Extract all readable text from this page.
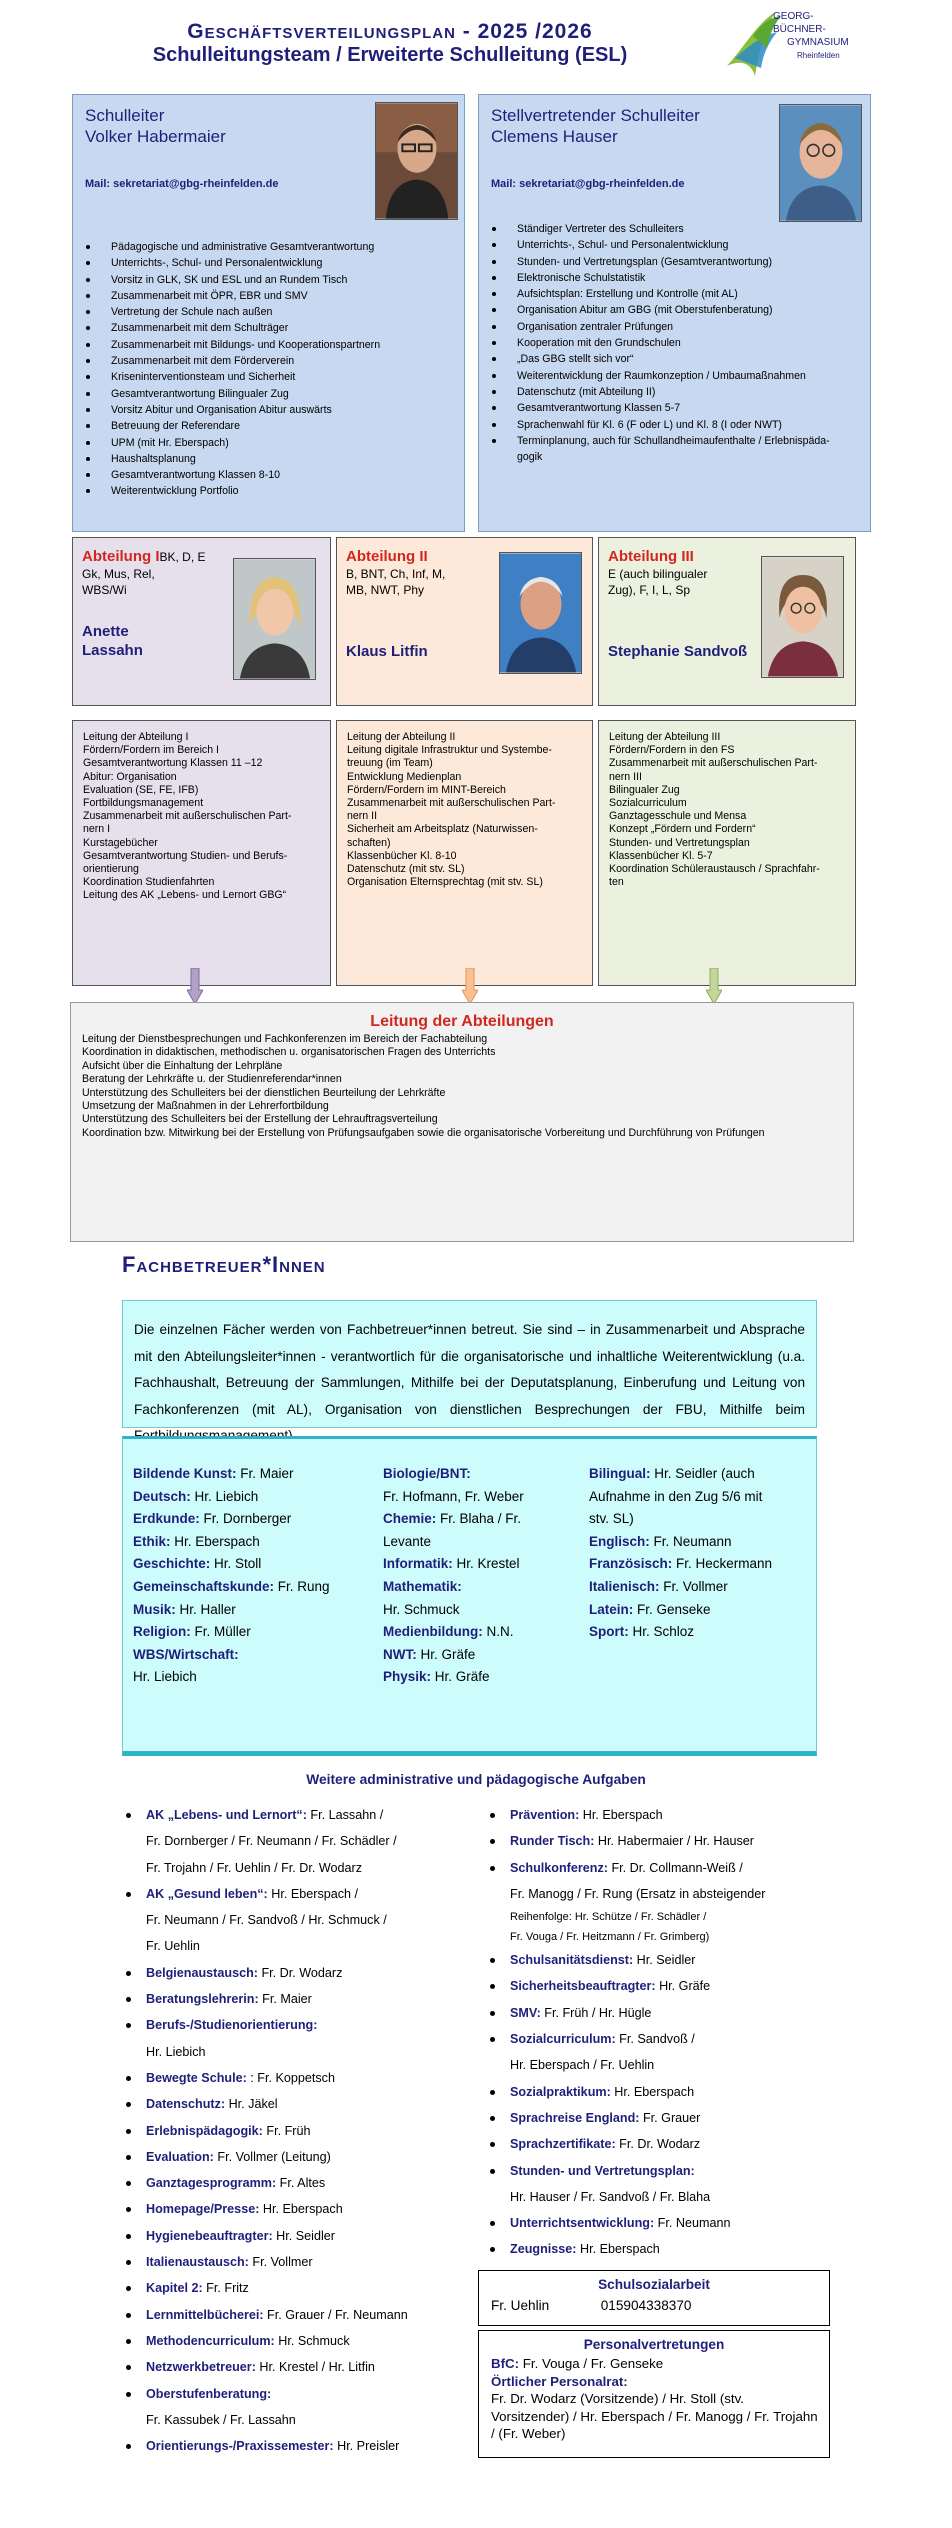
Geschäftsverteilungsplan - 2025 /2026
Schulleitungsteam / Erweiterte Schulleitung (ESL)
GEORG-BÜCHNER-
GYMNASIUM
Rheinfelden
Schulleiter
Volker Habermaier
Mail: sekretariat@gbg-rheinfelden.de
Pädagogische und administrative Gesamtverantwortung
Unterrichts-, Schul- und Personalentwicklung
Vorsitz in GLK, SK und ESL und an Rundem Tisch
Zusammenarbeit mit ÖPR, EBR und SMV
Vertretung der Schule nach außen
Zusammenarbeit mit dem Schulträger
Zusammenarbeit mit Bildungs- und Kooperationspartnern
Zusammenarbeit mit dem Förderverein
Kriseninterventionsteam und Sicherheit
Gesamtverantwortung Bilingualer Zug
Vorsitz Abitur und Organisation Abitur auswärts
Betreuung der Referendare
UPM (mit Hr. Eberspach)
Haushaltsplanung
Gesamtverantwortung Klassen 8-10
Weiterentwicklung Portfolio
Stellvertretender Schulleiter
Clemens Hauser
Mail: sekretariat@gbg-rheinfelden.de
Ständiger Vertreter des Schulleiters
Unterrichts-, Schul- und Personalentwicklung
Stunden- und Vertretungsplan (Gesamtverantwortung)
Elektronische Schulstatistik
Aufsichtsplan: Erstellung und Kontrolle (mit AL)
Organisation Abitur am GBG (mit Oberstufenberatung)
Organisation zentraler Prüfungen
Kooperation mit den Grundschulen
„Das GBG stellt sich vor“
Weiterentwicklung der Raumkonzeption / Umbaumaßnahmen
Datenschutz (mit Abteilung II)
Gesamtverantwortung Klassen 5-7
Sprachenwahl für Kl. 6 (F oder L) und Kl. 8 (I oder NWT)
Terminplanung, auch für Schullandheimaufenthalte / Erlebnispäda-
gogik
Abteilung IBK, D, E
Gk, Mus, Rel,
WBS/Wi
Anette
Lassahn
Abteilung II
B, BNT, Ch, Inf, M,
MB, NWT, Phy
Klaus Litfin
Abteilung III
E (auch bilingualer
Zug), F, I, L, Sp
Stephanie Sandvoß
Leitung der Abteilung I
Fördern/Fordern im Bereich I
Gesamtverantwortung Klassen 11 –12
Abitur: Organisation
Evaluation (SE, FE, IFB)
Fortbildungsmanagement
Zusammenarbeit mit außerschulischen Part-
nern I
Kurstagebücher
Gesamtverantwortung Studien- und Berufs-
orientierung
Koordination Studienfahrten
Leitung des AK „Lebens- und Lernort GBG“
Leitung der Abteilung II
Leitung digitale Infrastruktur und Systembe-
treuung (im Team)
Entwicklung Medienplan
Fördern/Fordern im MINT-Bereich
Zusammenarbeit mit außerschulischen Part-
nern II
Sicherheit am Arbeitsplatz (Naturwissen-
schaften)
Klassenbücher Kl. 8-10
Datenschutz (mit stv. SL)
Organisation Elternsprechtag (mit stv. SL)
Leitung der Abteilung III
Fördern/Fordern in den FS
Zusammenarbeit mit außerschulischen Part-
nern III
Bilingualer Zug
Sozialcurriculum
Ganztagesschule und Mensa
Konzept „Fördern und Fordern“
Stunden- und Vertretungsplan
Klassenbücher Kl. 5-7
Koordination Schüleraustausch / Sprachfahr-
ten
Leitung der Abteilungen
Leitung der Dienstbesprechungen und Fachkonferenzen im Bereich der Fachabteilung
Koordination in didaktischen, methodischen u. organisatorischen Fragen des Unterrichts
Aufsicht über die Einhaltung der Lehrpläne
Beratung der Lehrkräfte u. der Studienreferendar*innen
Unterstützung des Schulleiters bei der dienstlichen Beurteilung der Lehrkräfte
Umsetzung der Maßnahmen in der Lehrerfortbildung
Unterstützung des Schulleiters bei der Erstellung der Lehrauftragsverteilung
Koordination bzw. Mitwirkung bei der Erstellung von Prüfungsaufgaben sowie die organisatorische Vorbereitung und Durchführung von Prüfungen
Fachbetreuer*Innen
Die einzelnen Fächer werden von Fachbetreuer*innen betreut. Sie sind – in Zusammenarbeit und Absprache mit den Abteilungsleiter*innen - verantwortlich für die organisatorische und inhaltliche Weiterentwicklung (u.a. Fachhaushalt, Betreuung der Sammlungen, Mithilfe bei der Deputatsplanung, Einberufung und Leitung von Fachkonferenzen (mit AL), Organisation von dienstlichen Besprechungen der FBU, Mithilfe beim
Bildende Kunst: Fr. Maier
Deutsch: Hr. Liebich
Erdkunde: Fr. Dornberger
Ethik: Hr. Eberspach
Geschichte: Hr. Stoll
Gemeinschaftskunde: Fr. Rung
Musik: Hr. Haller
Religion: Fr. Müller
WBS/Wirtschaft:
Hr. Liebich
Biologie/BNT:
Fr. Hofmann, Fr. Weber
Chemie: Fr. Blaha / Fr.
Levante
Informatik: Hr. Krestel
Mathematik:
Hr. Schmuck
Medienbildung: N.N.
NWT: Hr. Gräfe
Physik: Hr. Gräfe
Bilingual: Hr. Seidler (auch
Aufnahme in den Zug 5/6 mit
stv. SL)
Englisch: Fr. Neumann
Französisch: Fr. Heckermann
Italienisch: Fr. Vollmer
Latein: Fr. Genseke
Sport: Hr. Schloz
Weitere administrative und pädagogische Aufgaben
AK „Lebens- und Lernort“: Fr. Lassahn /
Fr. Dornberger / Fr. Neumann / Fr. Schädler /
Fr. Trojahn / Fr. Uehlin / Fr. Dr. Wodarz
AK „Gesund leben“: Hr. Eberspach /
Fr. Neumann / Fr. Sandvoß / Hr. Schmuck /
Fr. Uehlin
Belgienaustausch: Fr. Dr. Wodarz
Beratungslehrerin: Fr. Maier
Berufs-/Studienorientierung:
Hr. Liebich
Bewegte Schule: : Fr. Koppetsch
Datenschutz: Hr. Jäkel
Erlebnispädagogik: Fr. Früh
Evaluation: Fr. Vollmer (Leitung)
Ganztagesprogramm: Fr. Altes
Homepage/Presse: Hr. Eberspach
Hygienebeauftragter: Hr. Seidler
Italienaustausch: Fr. Vollmer
Kapitel 2: Fr. Fritz
Lernmittelbücherei: Fr. Grauer / Fr. Neumann
Methodencurriculum: Hr. Schmuck
Netzwerkbetreuer: Hr. Krestel / Hr. Litfin
Oberstufenberatung:
Fr. Kassubek / Fr. Lassahn
Orientierungs-/Praxissemester: Hr. Preisler
Prävention: Hr. Eberspach
Runder Tisch: Hr. Habermaier / Hr. Hauser
Schulkonferenz: Fr. Dr. Collmann-Weiß /
Fr. Manogg / Fr. Rung (Ersatz in absteigender
Reihenfolge: Hr. Schütze / Fr. Schädler /
Fr. Vouga / Fr. Heitzmann / Fr. Grimberg)
Schulsanitätsdienst: Hr. Seidler
Sicherheitsbeauftragter: Hr. Gräfe
SMV: Fr. Früh / Hr. Hügle
Sozialcurriculum: Fr. Sandvoß /
Hr. Eberspach / Fr. Uehlin
Sozialpraktikum: Hr. Eberspach
Sprachreise England: Fr. Grauer
Sprachzertifikate: Fr. Dr. Wodarz
Stunden- und Vertretungsplan:
Hr. Hauser / Fr. Sandvoß / Fr. Blaha
Unterrichtsentwicklung: Fr. Neumann
Zeugnisse: Hr. Eberspach
Schulsozialarbeit
Fr. Uehlin	015904338370
Personalvertretungen
BfC: Fr. Vouga / Fr. Genseke
Örtlicher Personalrat:
Fr. Dr. Wodarz (Vorsitzende) / Hr. Stoll (stv. Vorsitzender) / Hr. Eberspach / Fr. Manogg / Fr. Trojahn / (Fr. Weber)
